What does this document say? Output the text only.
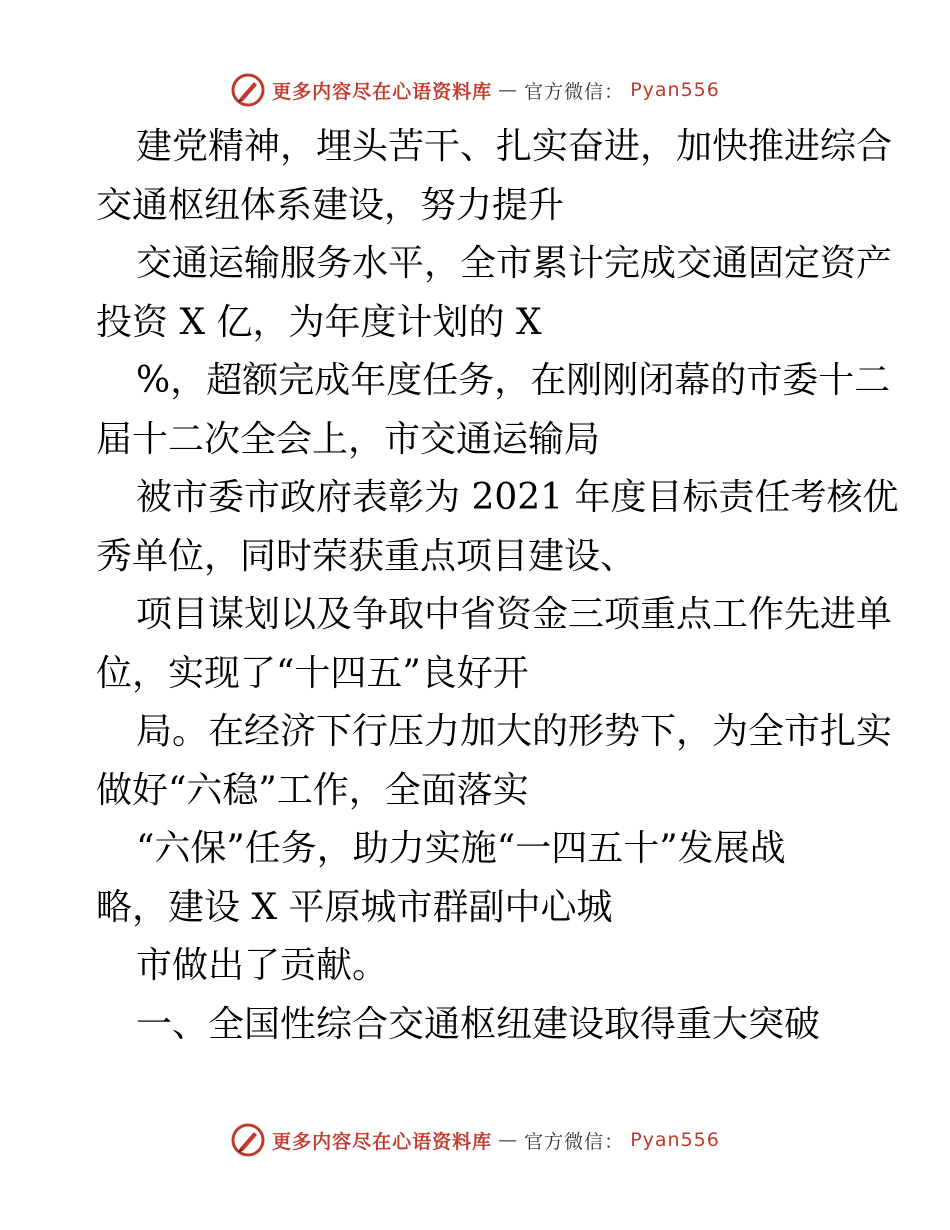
更多内容尽在心语资料库 — 官方微信： Pyan556
建党精神，埋头苦干、扎实奋进，加快推进综合
交通枢纽体系建设，努力提升
交通运输服务水平，全市累计完成交通固定资产
投资 X 亿，为年度计划的 X
%，超额完成年度任务，在刚刚闭幕的市委十二
届十二次全会上，市交通运输局
被市委市政府表彰为 2021 年度目标责任考核优
秀单位，同时荣获重点项目建设、
项目谋划以及争取中省资金三项重点工作先进单
位，实现了“十四五”良好开
局。在经济下行压力加大的形势下，为全市扎实
做好“六稳”工作，全面落实
“六保”任务，助力实施“一四五十”发展战
略，建设 X 平原城市群副中心城
市做出了贡献。
一、全国性综合交通枢纽建设取得重大突破
更多内容尽在心语资料库 — 官方微信： Pyan556
